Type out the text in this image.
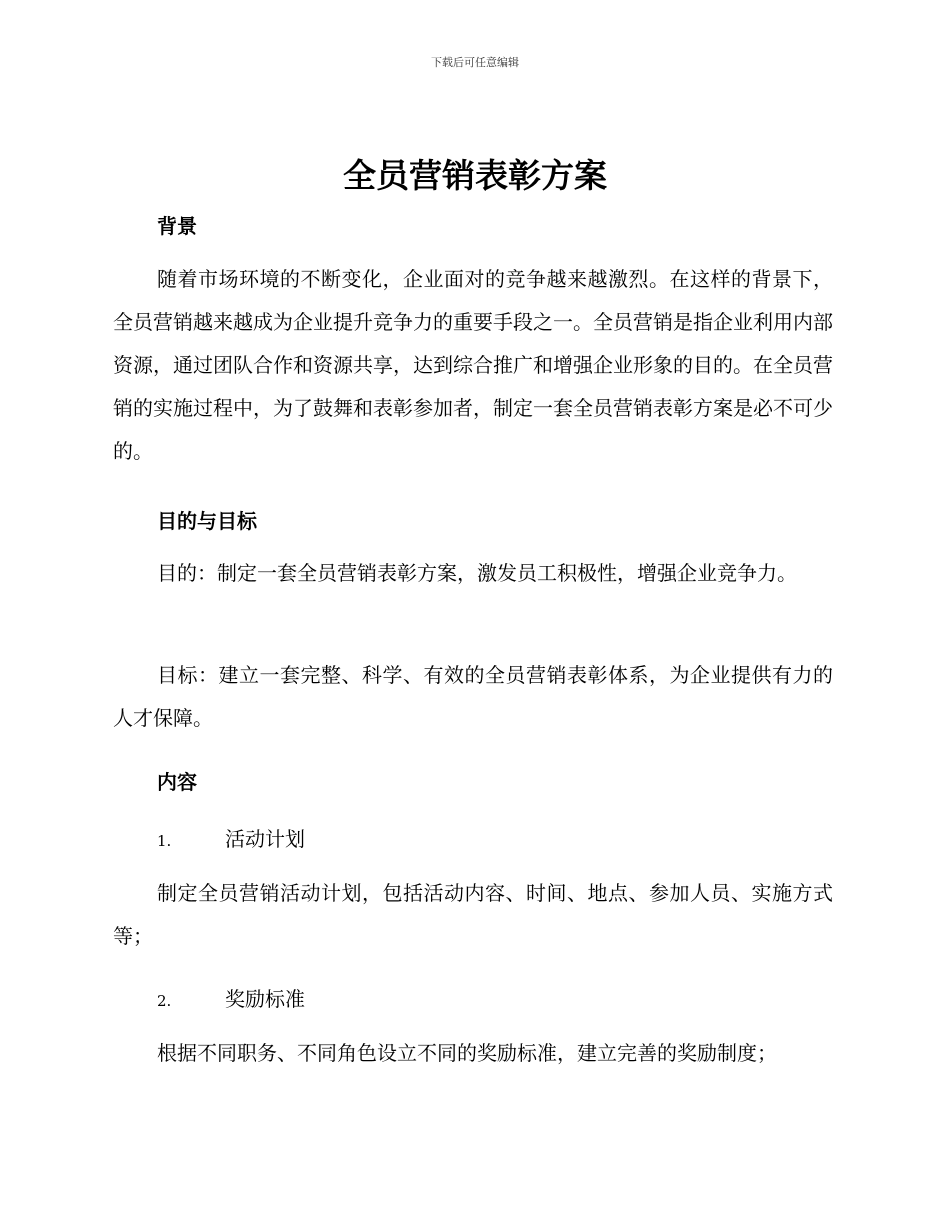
下载后可任意编辑
全员营销表彰方案
背景
随着市场环境的不断变化，企业面对的竞争越来越激烈。在这样的背景下，全员营销越来越成为企业提升竞争力的重要手段之一。全员营销是指企业利用内部资源，通过团队合作和资源共享，达到综合推广和增强企业形象的目的。在全员营销的实施过程中，为了鼓舞和表彰参加者，制定一套全员营销表彰方案是必不可少的。
目的与目标
目的：制定一套全员营销表彰方案，激发员工积极性，增强企业竞争力。
目标：建立一套完整、科学、有效的全员营销表彰体系，为企业提供有力的人才保障。
内容
1.	活动计划
制定全员营销活动计划，包括活动内容、时间、地点、参加人员、实施方式等；
2.	奖励标准
根据不同职务、不同角色设立不同的奖励标准，建立完善的奖励制度；
